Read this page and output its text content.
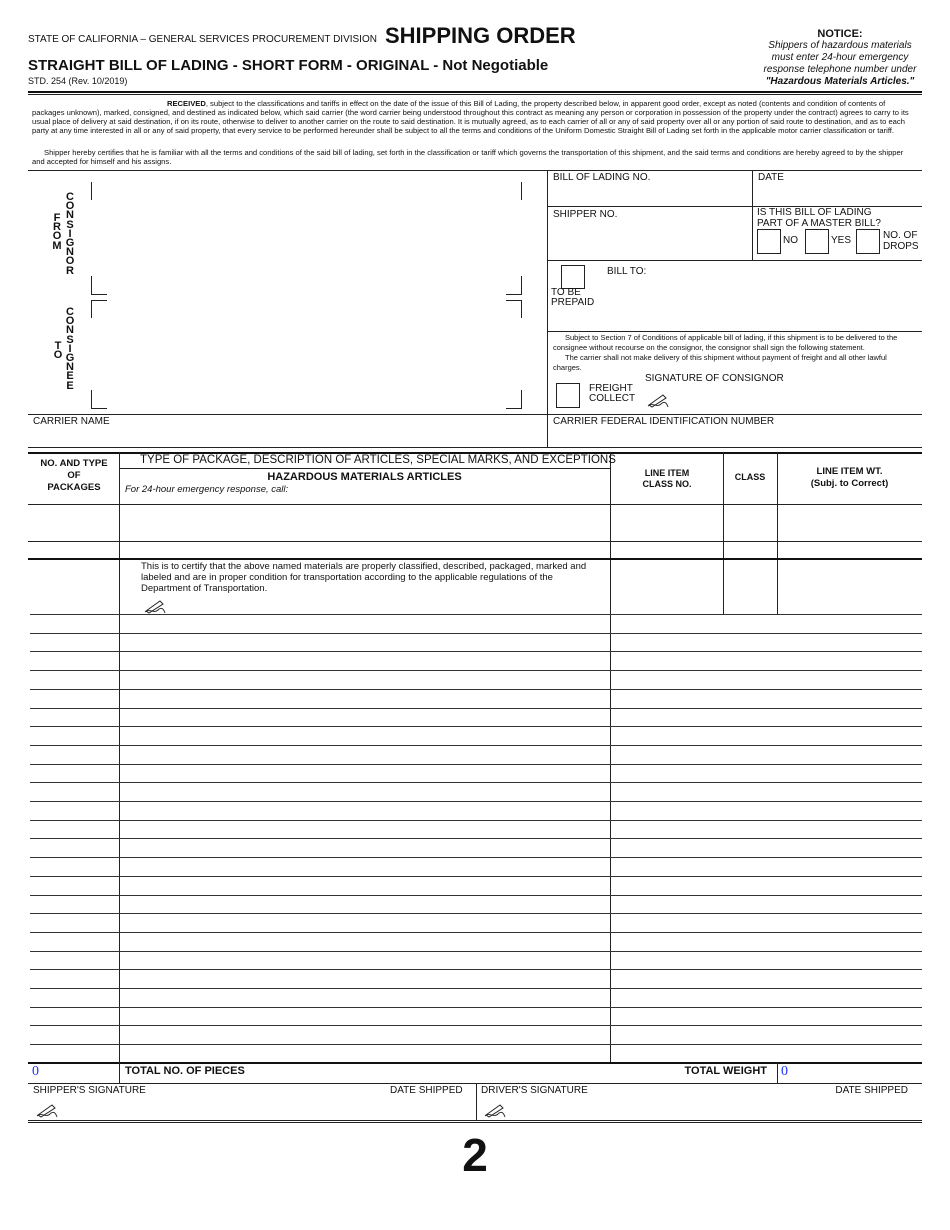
STATE OF CALIFORNIA – GENERAL SERVICES PROCUREMENT DIVISION SHIPPING ORDER
STRAIGHT BILL OF LADING - SHORT FORM - ORIGINAL - Not Negotiable
STD. 254 (Rev. 10/2019)
NOTICE:
Shippers of hazardous materials
must enter 24-hour emergency
response telephone number under
"Hazardous Materials Articles."
RECEIVED, subject to the classifications and tariffs in effect on the date of the issue of this Bill of Lading, the property described below, in apparent good order, except as noted (contents and condition of contents of packages unknown), marked, consigned, and destined as indicated below, which said carrier (the word carrier being understood throughout this contract as meaning any person or corporation in possession of the property under the contract) agrees to carry to its usual place of delivery at said destination, if on its route, otherwise to deliver to another carrier on the route to said destination. It is mutually agreed, as to each carrier of all or any of said property over all or any portion of said route to destination, and as to each party at any time interested in all or any of said property, that every service to be performed hereunder shall be subject to all the terms and conditions of the Uniform Domestic Straight Bill of Lading set forth in the applicable motor carrier classification or tariff.
Shipper hereby certifies that he is familiar with all the terms and conditions of the said bill of lading, set forth in the classification or tariff which governs the transportation of this shipment, and the said terms and conditions are hereby agreed to by the shipper and accepted for himself and his assigns.
F
R
O
M
C
O
N
S
I
G
N
O
R
T
O
C
O
N
S
I
G
N
E
E
BILL OF LADING NO.	DATE
SHIPPER NO.	IS THIS BILL OF LADING
PART OF A MASTER BILL?
NO	YES	NO. OF
DROPS
BILL TO:
TO BE
PREPAID
Subject to Section 7 of Conditions of applicable bill of lading, if this shipment is to be delivered to the consignee without recourse on the consignor, the consignor shall sign the following statement.
The carrier shall not make delivery of this shipment without payment of freight and all other lawful charges.
SIGNATURE OF CONSIGNOR
FREIGHT
COLLECT
CARRIER NAME	CARRIER FEDERAL IDENTIFICATION NUMBER
NO. AND TYPE
OF
PACKAGES
TYPE OF PACKAGE, DESCRIPTION OF ARTICLES, SPECIAL MARKS, AND EXCEPTIONS
HAZARDOUS MATERIALS ARTICLES
For 24-hour emergency response, call:
LINE ITEM
CLASS NO.
CLASS	LINE ITEM WT.
(Subj. to Correct)
This is to certify that the above named materials are properly classified, described, packaged, marked and labeled and are in proper condition for transportation according to the applicable regulations of the Department of Transportation.
0	TOTAL NO. OF PIECES	TOTAL WEIGHT 0
SHIPPER'S SIGNATURE	DATE SHIPPED DRIVER'S SIGNATURE	DATE SHIPPED
2
